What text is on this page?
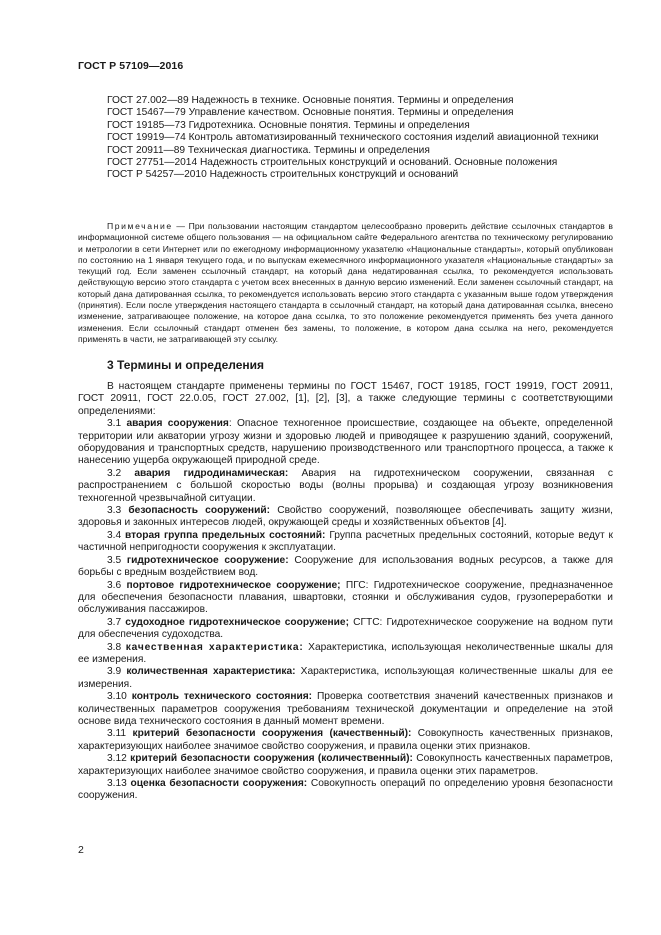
ГОСТ Р 57109—2016
ГОСТ 27.002—89 Надежность в технике. Основные понятия. Термины и определения
ГОСТ 15467—79 Управление качеством. Основные понятия. Термины и определения
ГОСТ 19185—73 Гидротехника. Основные понятия. Термины и определения
ГОСТ 19919—74 Контроль автоматизированный технического состояния изделий авиационной техники
ГОСТ 20911—89 Техническая диагностика. Термины и определения
ГОСТ 27751—2014 Надежность строительных конструкций и оснований. Основные положения
ГОСТ Р 54257—2010 Надежность строительных конструкций и оснований
Примечание — При пользовании настоящим стандартом целесообразно проверить действие ссылочных стандартов в информационной системе общего пользования — на официальном сайте Федерального агентства по техническому регулированию и метрологии в сети Интернет или по ежегодному информационному указателю «Национальные стандарты», который опубликован по состоянию на 1 января текущего года, и по выпускам ежемесячного информационного указателя «Национальные стандарты» за текущий год. Если заменен ссылочный стандарт, на который дана недатированная ссылка, то рекомендуется использовать действующую версию этого стандарта с учетом всех внесенных в данную версию изменений. Если заменен ссылочный стандарт, на который дана датированная ссылка, то рекомендуется использовать версию этого стандарта с указанным выше годом утверждения (принятия). Если после утверждения настоящего стандарта в ссылочный стандарт, на который дана датированная ссылка, внесено изменение, затрагивающее положение, на которое дана ссылка, то это положение рекомендуется применять без учета данного изменения. Если ссылочный стандарт отменен без замены, то положение, в котором дана ссылка на него, рекомендуется применять в части, не затрагивающей эту ссылку.
3 Термины и определения
В настоящем стандарте применены термины по ГОСТ 15467, ГОСТ 19185, ГОСТ 19919, ГОСТ 20911, ГОСТ 20911, ГОСТ 22.0.05, ГОСТ 27.002, [1], [2], [3], а также следующие термины с соответствующими определениями:
3.1 авария сооружения: Опасное техногенное происшествие, создающее на объекте, определенной территории или акватории угрозу жизни и здоровью людей и приводящее к разрушению зданий, сооружений, оборудования и транспортных средств, нарушению производственного или транспортного процесса, а также к нанесению ущерба окружающей природной среде.
3.2 авария гидродинамическая: Авария на гидротехническом сооружении, связанная с распространением с большой скоростью воды (волны прорыва) и создающая угрозу возникновения техногенной чрезвычайной ситуации.
3.3 безопасность сооружений: Свойство сооружений, позволяющее обеспечивать защиту жизни, здоровья и законных интересов людей, окружающей среды и хозяйственных объектов [4].
3.4 вторая группа предельных состояний: Группа расчетных предельных состояний, которые ведут к частичной непригодности сооружения к эксплуатации.
3.5 гидротехническое сооружение: Сооружение для использования водных ресурсов, а также для борьбы с вредным воздействием вод.
3.6 портовое гидротехническое сооружение; ПГС: Гидротехническое сооружение, предназначенное для обеспечения безопасности плавания, швартовки, стоянки и обслуживания судов, грузопереработки и обслуживания пассажиров.
3.7 судоходное гидротехническое сооружение; СГТС: Гидротехническое сооружение на водном пути для обеспечения судоходства.
3.8 качественная характеристика: Характеристика, использующая неколичественные шкалы для ее измерения.
3.9 количественная характеристика: Характеристика, использующая количественные шкалы для ее измерения.
3.10 контроль технического состояния: Проверка соответствия значений качественных признаков и количественных параметров сооружения требованиям технической документации и определение на этой основе вида технического состояния в данный момент времени.
3.11 критерий безопасности сооружения (качественный): Совокупность качественных признаков, характеризующих наиболее значимое свойство сооружения, и правила оценки этих признаков.
3.12 критерий безопасности сооружения (количественный): Совокупность качественных параметров, характеризующих наиболее значимое свойство сооружения, и правила оценки этих параметров.
3.13 оценка безопасности сооружения: Совокупность операций по определению уровня безопасности сооружения.
2
